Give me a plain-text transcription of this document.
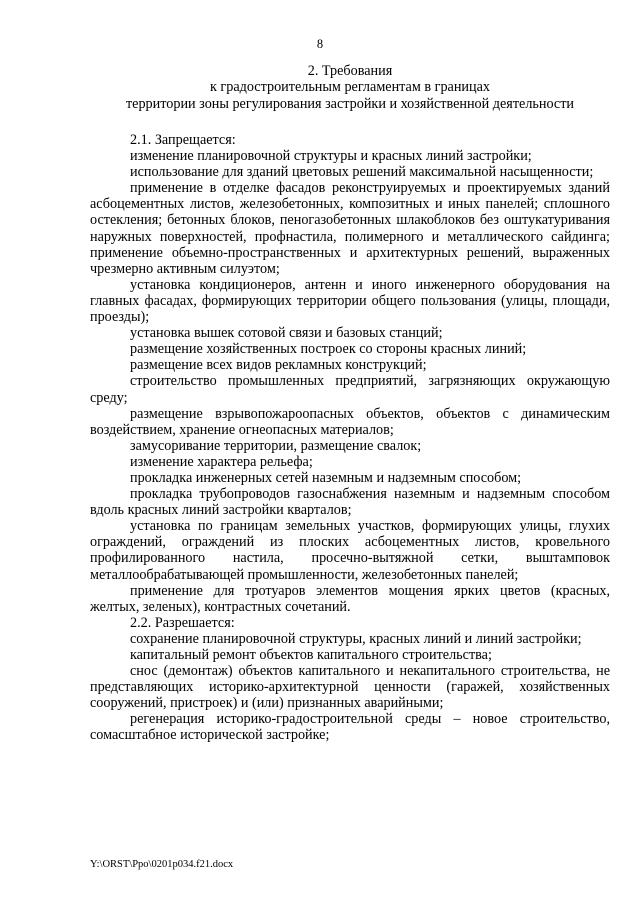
8
2. Требования
к градостроительным регламентам в границах
территории зоны регулирования застройки и хозяйственной деятельности

2.1. Запрещается:

изменение планировочной структуры и красных линий застройки;

использование для зданий цветовых решений максимальной насыщенности;

применение в отделке фасадов реконструируемых и проектируемых зданий асбоцементных листов, железобетонных, композитных и иных панелей; сплошного остекления; бетонных блоков, пеногазобетонных шлакоблоков без оштукатуривания наружных поверхностей, профнастила, полимерного и металлического сайдинга; применение объемно-пространственных и архитектурных решений, выраженных чрезмерно активным силуэтом;

установка кондиционеров, антенн и иного инженерного оборудования на главных фасадах, формирующих территории общего пользования (улицы, площади, проезды);

установка вышек сотовой связи и базовых станций;

размещение хозяйственных построек со стороны красных линий;

размещение всех видов рекламных конструкций;

строительство промышленных предприятий, загрязняющих окружающую среду;

размещение взрывопожароопасных объектов, объектов с динамическим воздействием, хранение огнеопасных материалов;

замусоривание территории, размещение свалок;

изменение характера рельефа;

прокладка инженерных сетей наземным и надземным способом;

прокладка трубопроводов газоснабжения наземным и надземным способом вдоль красных линий застройки кварталов;

установка по границам земельных участков, формирующих улицы, глухих ограждений, ограждений из плоских асбоцементных листов, кровельного профилированного настила, просечно-вытяжной сетки, выштамповок металлообрабатывающей промышленности, железобетонных панелей;

применение для тротуаров элементов мощения ярких цветов (красных, желтых, зеленых), контрастных сочетаний.

2.2. Разрешается:

сохранение планировочной структуры, красных линий и линий застройки;

капитальный ремонт объектов капитального строительства;

снос (демонтаж) объектов капитального и некапитального строительства, не представляющих историко-архитектурной ценности (гаражей, хозяйственных сооружений, пристроек) и (или) признанных аварийными;

регенерация историко-градостроительной среды – новое строительство, сомасштабное исторической застройке;

Y:\ORST\Ppo\0201p034.f21.docx
